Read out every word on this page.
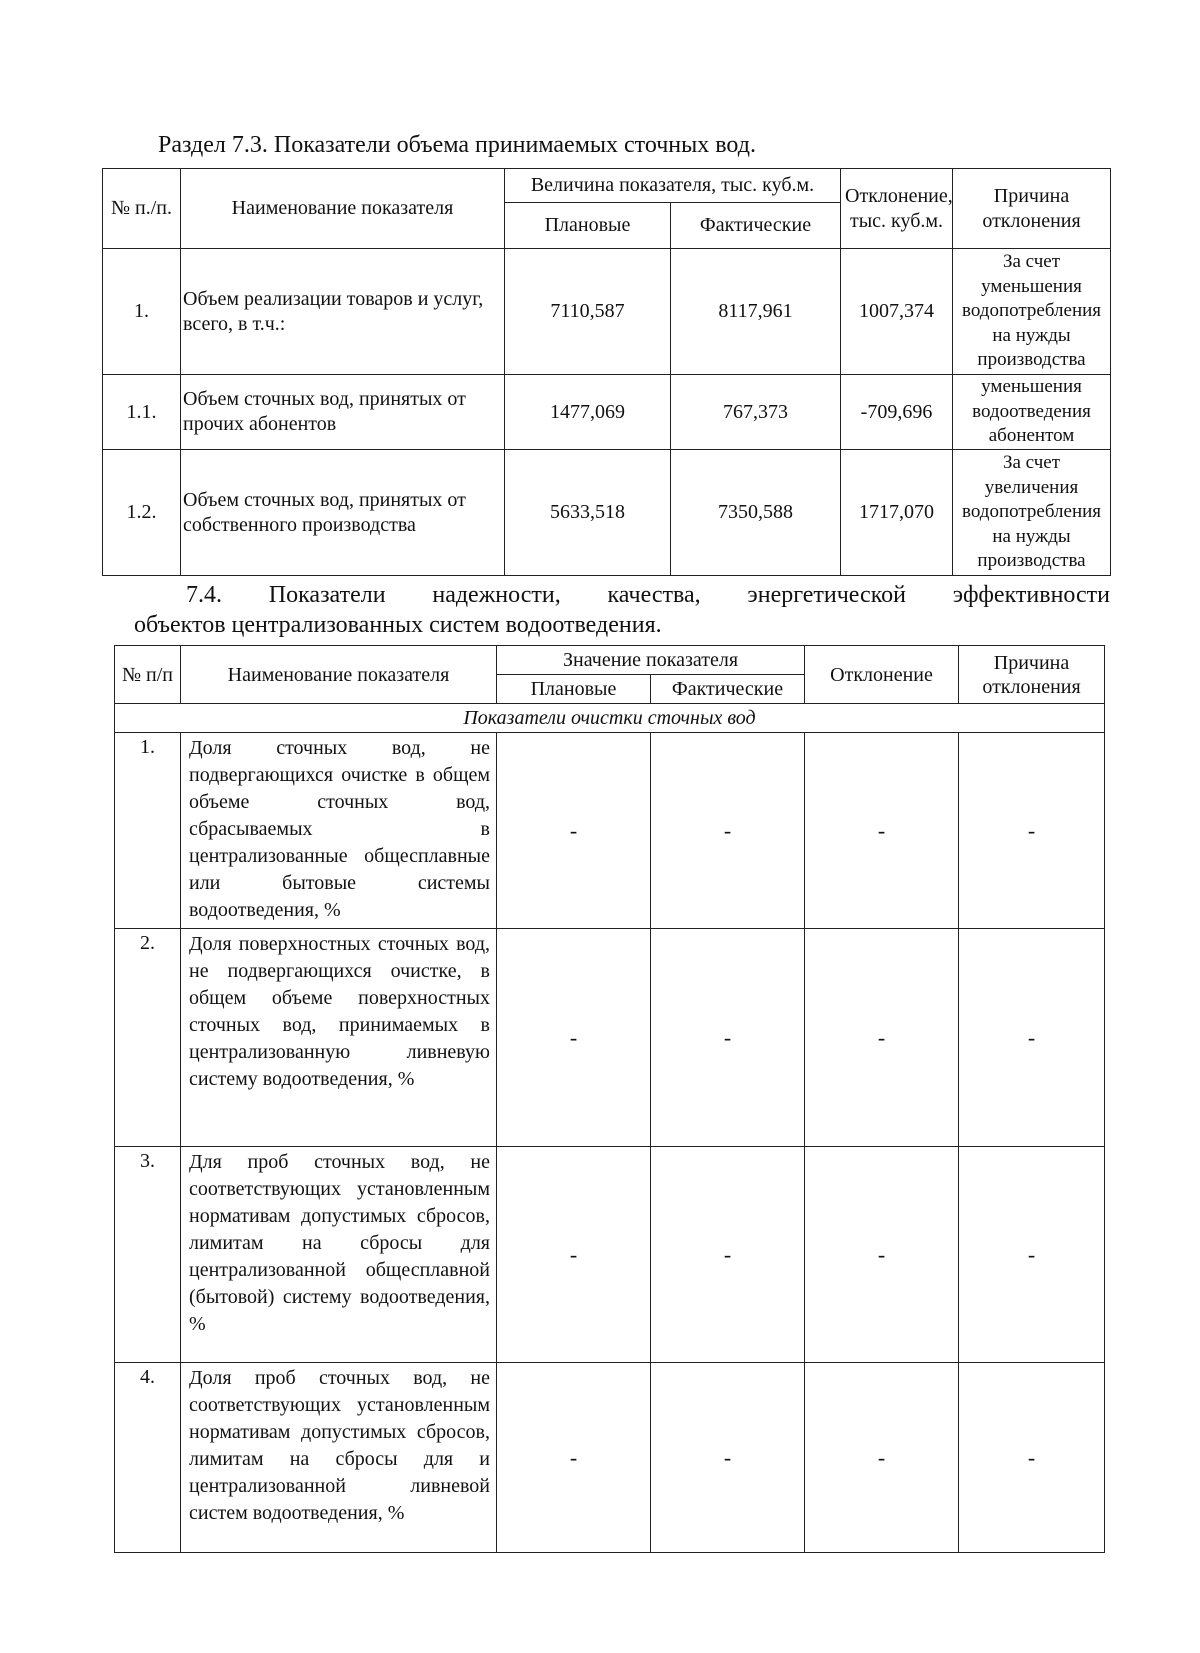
Раздел 7.3. Показатели объема принимаемых сточных вод.
№ п./п.	Наименование показателя	Величина показателя, тыс. куб.м.		Отклонение, тыс. куб.м.	Причина отклонения
		Плановые	Фактические		
1.	Объем реализации товаров и услуг, всего, в т.ч.:	7110,587	8117,961	1007,374	За счет уменьшения водопотребления на нужды производства
1.1.	Объем сточных вод, принятых от прочих абонентов	1477,069	767,373	-709,696	уменьшения водоотведения абонентом
1.2.	Объем сточных вод, принятых от собственного производства	5633,518	7350,588	1717,070	За счет увеличения водопотребления на нужды производства
7.4. Показатели надежности, качества, энергетической эффективности
объектов централизованных систем водоотведения.
№ п/п	Наименование показателя	Значение показателя		Отклонение	Причина отклонения
		Плановые	Фактические		
Показатели очистки сточных вод					
1.	Доля сточных вод, не подвергающихся очистке в общем объеме сточных вод, сбрасываемых в централизованные общесплавные или бытовые системы водоотведения, %	-	-	-	-
2.	Доля поверхностных сточных вод, не подвергающихся очистке, в общем объеме поверхностных сточных вод, принимаемых в централизованную ливневую систему водоотведения, %	-	-	-	-
3.	Для проб сточных вод, не соответствующих установленным нормативам допустимых сбросов, лимитам на сбросы для централизованной общесплавной (бытовой) систему водоотведения, %	-	-	-	-
4.	Доля проб сточных вод, не соответствующих установленным нормативам допустимых сбросов, лимитам на сбросы для и централизованной ливневой систем водоотведения, %	-	-	-	-
